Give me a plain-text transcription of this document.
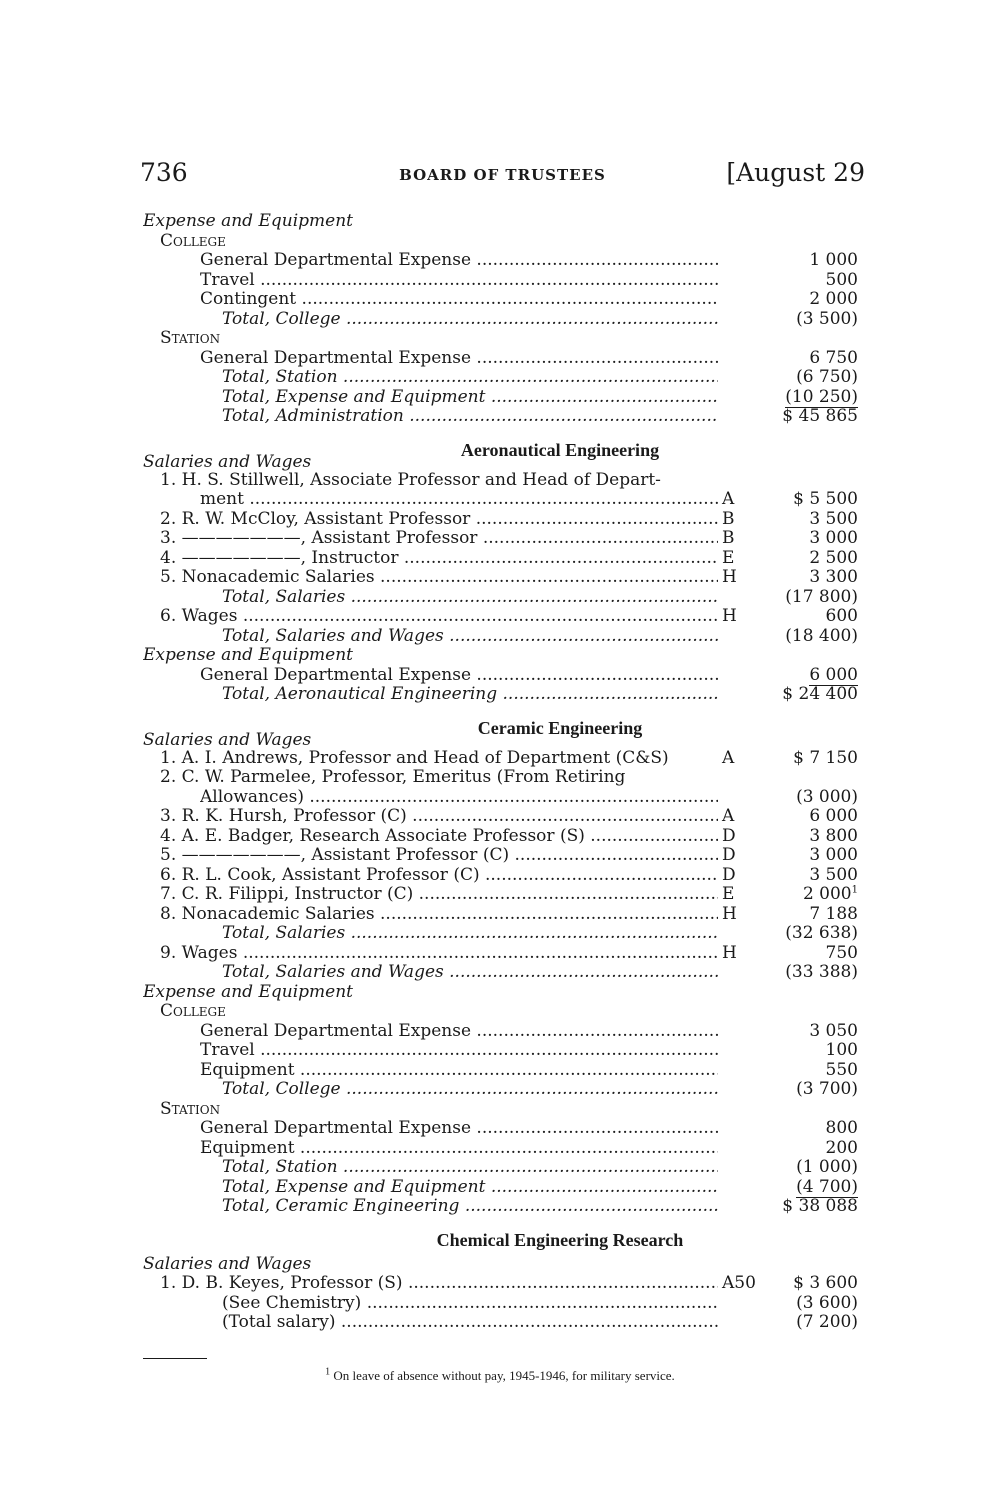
736	BOARD OF TRUSTEES	[August 29
Expense and Equipment
College
General Departmental Expense .....	1 000
Travel .....	500
Contingent .....	2 000
Total, College .....	(3 500)
Station
General Departmental Expense .....	6 750
Total, Station .....	(6 750)
Total, Expense and Equipment .....	(10 250)
Total, Administration .....	$ 45 865
Salaries and Wages
Aeronautical Engineering
1. H. S. Stillwell, Associate Professor and Head of Depart-
ment .....	A	$ 5 500
2. R. W. McCloy, Assistant Professor .....	B	3 500
3. ———————, Assistant Professor .....	B	3 000
4. ———————, Instructor .....	E	2 500
5. Nonacademic Salaries .....	H	3 300
Total, Salaries .....	(17 800)
6. Wages .....	H	600
Total, Salaries and Wages .....	(18 400)
Expense and Equipment
General Departmental Expense .....	6 000
Total, Aeronautical Engineering .....	$ 24 400
Salaries and Wages
Ceramic Engineering
1. A. I. Andrews, Professor and Head of Department (C&S)	A	$ 7 150
2. C. W. Parmelee, Professor, Emeritus (From Retiring
Allowances) .....	(3 000)
3. R. K. Hursh, Professor (C) .....	A	6 000
4. A. E. Badger, Research Associate Professor (S) .....	D	3 800
5. ———————, Assistant Professor (C) .....	D	3 000
6. R. L. Cook, Assistant Professor (C) .....	D	3 500
7. C. R. Filippi, Instructor (C) .....	E	2 $000^1$
8. Nonacademic Salaries .....	H	7 188
Total, Salaries .....	(32 638)
9. Wages .....	H	750
Total, Salaries and Wages .....	(33 388)
Expense and Equipment
College
General Departmental Expense .....	3 050
Travel .....	100
Equipment .....	550
Total, College .....	(3 700)
Station
General Departmental Expense .....	800
Equipment .....	200
Total, Station .....	(1 000)
Total, Expense and Equipment .....	(4 700)
Total, Ceramic Engineering .....	$ 38 088
Chemical Engineering Research
Salaries and Wages
1. D. B. Keyes, Professor (S) .....	A50 $ 3 600
(See Chemistry) .....	(3 600)
(Total salary) .....	(7 200)
$^1$ On leave of absence without pay, 1945-1946, for military service.
